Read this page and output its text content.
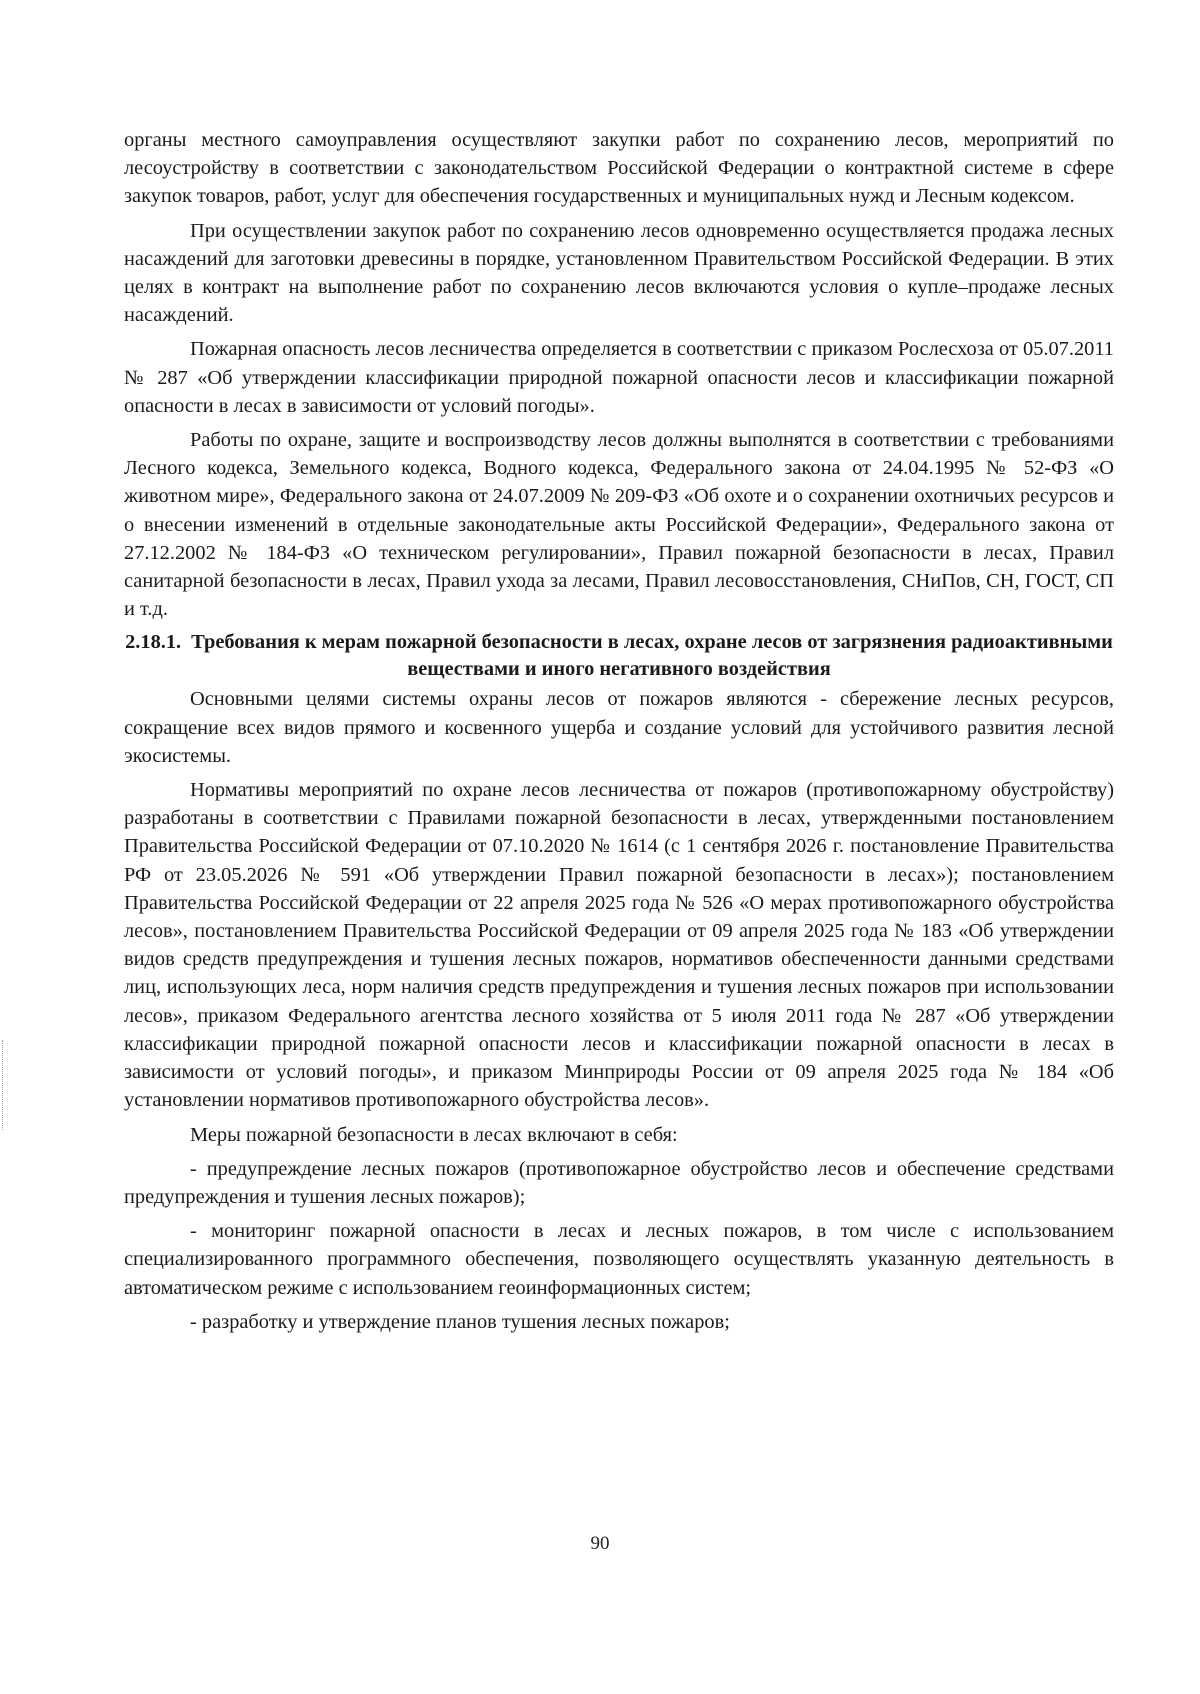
органы местного самоуправления осуществляют закупки работ по сохранению лесов, мероприятий по лесоустройству в соответствии с законодательством Российской Федерации о контрактной системе в сфере закупок товаров, работ, услуг для обеспечения государственных и муниципальных нужд и Лесным кодексом.

При осуществлении закупок работ по сохранению лесов одновременно осуществляется продажа лесных насаждений для заготовки древесины в порядке, установленном Правительством Российской Федерации. В этих целях в контракт на выполнение работ по сохранению лесов включаются условия о купле–продаже лесных насаждений.

Пожарная опасность лесов лесничества определяется в соответствии с приказом Рослесхоза от 05.07.2011 № 287 «Об утверждении классификации природной пожарной опасности лесов и классификации пожарной опасности в лесах в зависимости от условий погоды».

Работы по охране, защите и воспроизводству лесов должны выполнятся в соответствии с требованиями Лесного кодекса, Земельного кодекса, Водного кодекса, Федерального закона от 24.04.1995 № 52-ФЗ «О животном мире», Федерального закона от 24.07.2009 № 209-ФЗ «Об охоте и о сохранении охотничьих ресурсов и о внесении изменений в отдельные законодательные акты Российской Федерации», Федерального закона от 27.12.2002 № 184-ФЗ «О техническом регулировании», Правил пожарной безопасности в лесах, Правил санитарной безопасности в лесах, Правил ухода за лесами, Правил лесовосстановления, СНиПов, СН, ГОСТ, СП и т.д.

2.18.1. Требования к мерам пожарной безопасности в лесах, охране лесов от загрязнения радиоактивными веществами и иного негативного воздействия

Основными целями системы охраны лесов от пожаров являются - сбережение лесных ресурсов, сокращение всех видов прямого и косвенного ущерба и создание условий для устойчивого развития лесной экосистемы.

Нормативы мероприятий по охране лесов лесничества от пожаров (противопожарному обустройству) разработаны в соответствии с Правилами пожарной безопасности в лесах, утвержденными постановлением Правительства Российской Федерации от 07.10.2020 № 1614 (с 1 сентября 2026 г. постановление Правительства РФ от 23.05.2026 № 591 «Об утверждении Правил пожарной безопасности в лесах»); постановлением Правительства Российской Федерации от 22 апреля 2025 года № 526 «О мерах противопожарного обустройства лесов», постановлением Правительства Российской Федерации от 09 апреля 2025 года № 183 «Об утверждении видов средств предупреждения и тушения лесных пожаров, нормативов обеспеченности данными средствами лиц, использующих леса, норм наличия средств предупреждения и тушения лесных пожаров при использовании лесов», приказом Федерального агентства лесного хозяйства от 5 июля 2011 года № 287 «Об утверждении классификации природной пожарной опасности лесов и классификации пожарной опасности в лесах в зависимости от условий погоды», и приказом Минприроды России от 09 апреля 2025 года № 184 «Об установлении нормативов противопожарного обустройства лесов».

Меры пожарной безопасности в лесах включают в себя:

- предупреждение лесных пожаров (противопожарное обустройство лесов и обеспечение средствами предупреждения и тушения лесных пожаров);

- мониторинг пожарной опасности в лесах и лесных пожаров, в том числе с использованием специализированного программного обеспечения, позволяющего осуществлять указанную деятельность в автоматическом режиме с использованием геоинформационных систем;

- разработку и утверждение планов тушения лесных пожаров;

90
